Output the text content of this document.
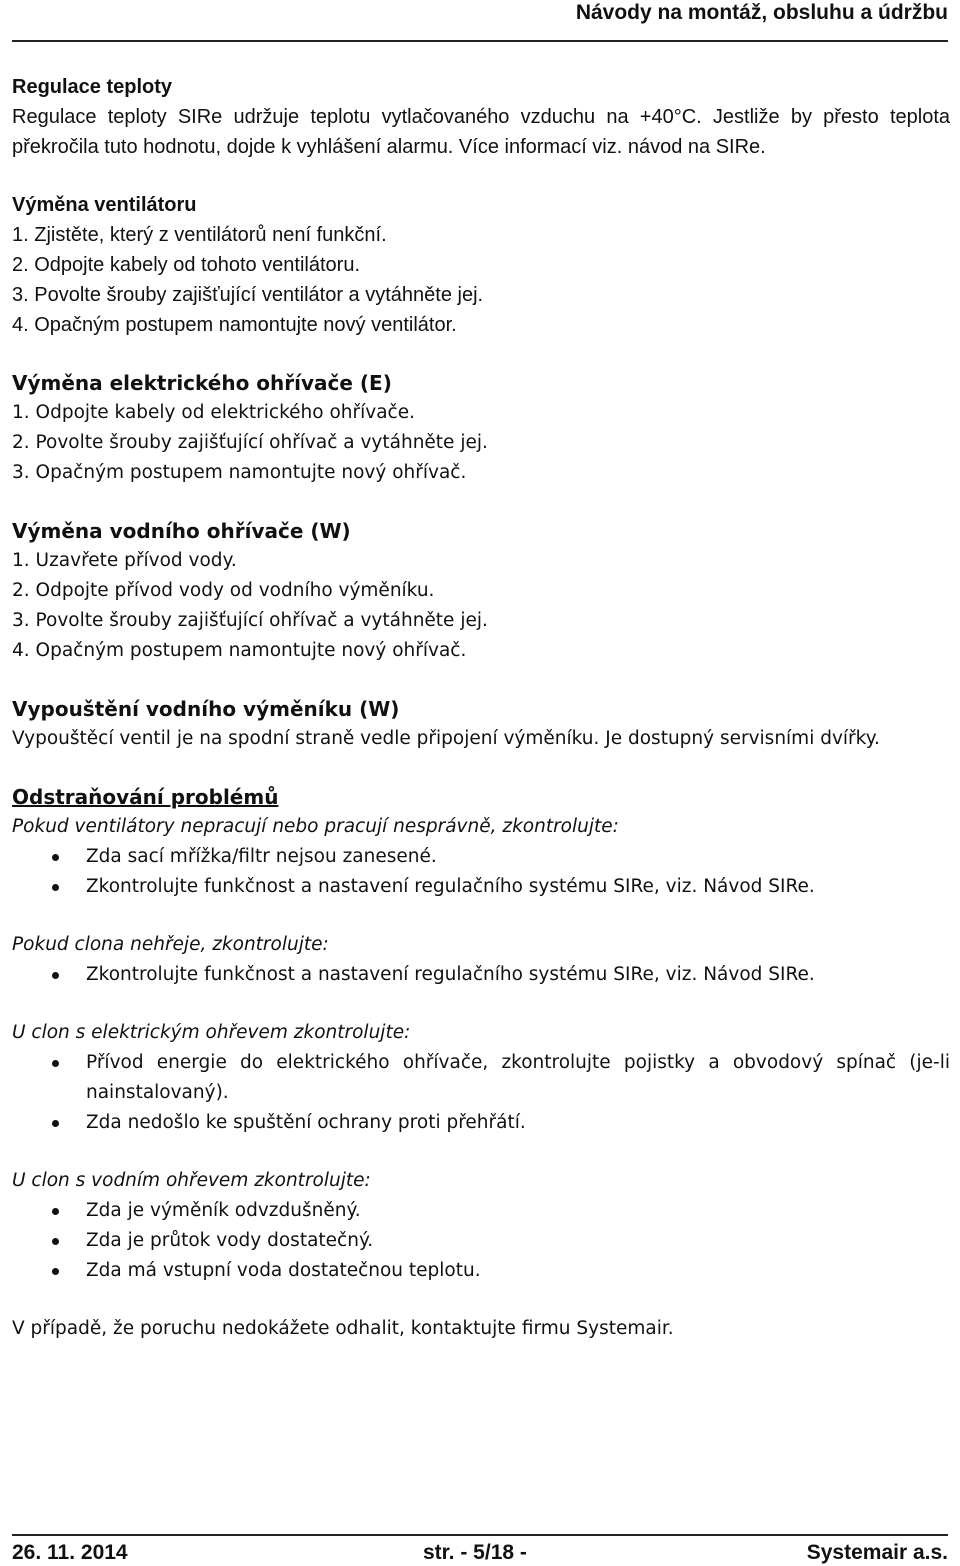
Návody na montáž, obsluhu a údržbu
Regulace teploty

Regulace teploty SIRe udržuje teplotu vytlačovaného vzduchu na +40°C. Jestliže by přesto teplota překročila tuto hodnotu, dojde k vyhlášení alarmu. Více informací viz. návod na SIRe.

Výměna ventilátoru
1. Zjistěte, který z ventilátorů není funkční.
2. Odpojte kabely od tohoto ventilátoru.
3. Povolte šrouby zajišťující ventilátor a vytáhněte jej.
4. Opačným postupem namontujte nový ventilátor.
Výměna elektrického ohřívače (E)
1. Odpojte kabely od elektrického ohřívače.
2. Povolte šrouby zajišťující ohřívač a vytáhněte jej.
3. Opačným postupem namontujte nový ohřívač.
Výměna vodního ohřívače (W)
1. Uzavřete přívod vody.
2. Odpojte přívod vody od vodního výměníku.
3. Povolte šrouby zajišťující ohřívač a vytáhněte jej.
4. Opačným postupem namontujte nový ohřívač.
Vypouštění vodního výměníku (W)

Vypouštěcí ventil je na spodní straně vedle připojení výměníku. Je dostupný servisními dvířky.

Odstraňování problémů

Pokud ventilátory nepracují nebo pracují nesprávně, zkontrolujte:

Zda sací mřížka/filtr nejsou zanesené.
Zkontrolujte funkčnost a nastavení regulačního systému SIRe, viz. Návod SIRe.

Pokud clona nehřeje, zkontrolujte:

Zkontrolujte funkčnost a nastavení regulačního systému SIRe, viz. Návod SIRe.

U clon s elektrickým ohřevem zkontrolujte:

Přívod energie do elektrického ohřívače, zkontrolujte pojistky a obvodový spínač (je-li nainstalovaný).
Zda nedošlo ke spuštění ochrany proti přehřátí.

U clon s vodním ohřevem zkontrolujte:

Zda je výměník odvzdušněný.
Zda je průtok vody dostatečný.
Zda má vstupní voda dostatečnou teplotu.

V případě, že poruchu nedokážete odhalit, kontaktujte firmu Systemair.

26. 11. 2014	str. - 5/18 -	Systemair a.s.
